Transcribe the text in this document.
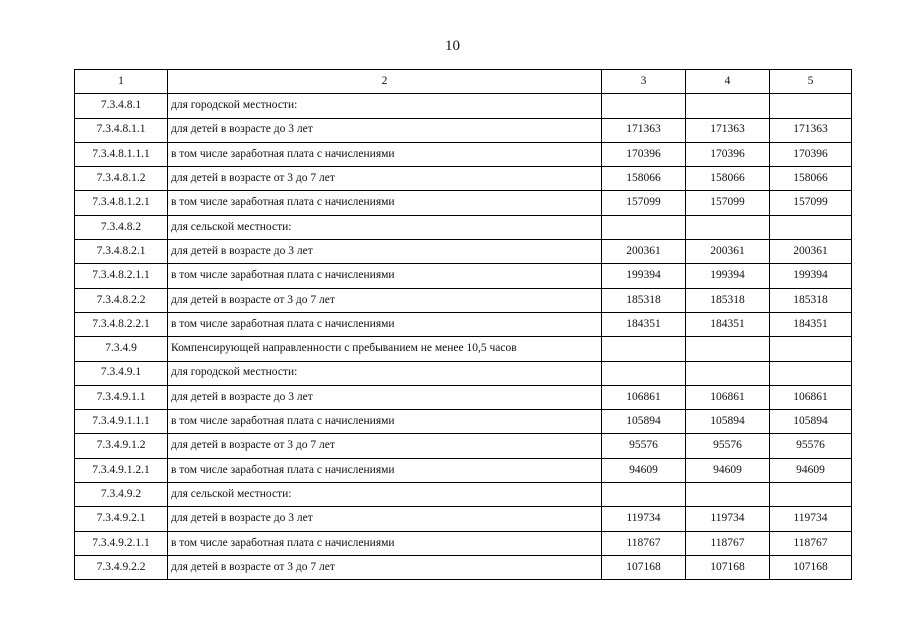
10
1	2	3	4	5
7.3.4.8.1	для городской местности:			
7.3.4.8.1.1	для детей в возрасте до 3 лет	171363	171363	171363
7.3.4.8.1.1.1	в том числе заработная плата с начислениями	170396	170396	170396
7.3.4.8.1.2	для детей в возрасте от 3 до 7 лет	158066	158066	158066
7.3.4.8.1.2.1	в том числе заработная плата с начислениями	157099	157099	157099
7.3.4.8.2	для сельской местности:			
7.3.4.8.2.1	для детей в возрасте до 3 лет	200361	200361	200361
7.3.4.8.2.1.1	в том числе заработная плата с начислениями	199394	199394	199394
7.3.4.8.2.2	для детей в возрасте от 3 до 7 лет	185318	185318	185318
7.3.4.8.2.2.1	в том числе заработная плата с начислениями	184351	184351	184351
7.3.4.9	Компенсирующей направленности с пребыванием не менее 10,5 часов			
7.3.4.9.1	для городской местности:			
7.3.4.9.1.1	для детей в возрасте до 3 лет	106861	106861	106861
7.3.4.9.1.1.1	в том числе заработная плата с начислениями	105894	105894	105894
7.3.4.9.1.2	для детей в возрасте от 3 до 7 лет	95576	95576	95576
7.3.4.9.1.2.1	в том числе заработная плата с начислениями	94609	94609	94609
7.3.4.9.2	для сельской местности:			
7.3.4.9.2.1	для детей в возрасте до 3 лет	119734	119734	119734
7.3.4.9.2.1.1	в том числе заработная плата с начислениями	118767	118767	118767
7.3.4.9.2.2	для детей в возрасте от 3 до 7 лет	107168	107168	107168
